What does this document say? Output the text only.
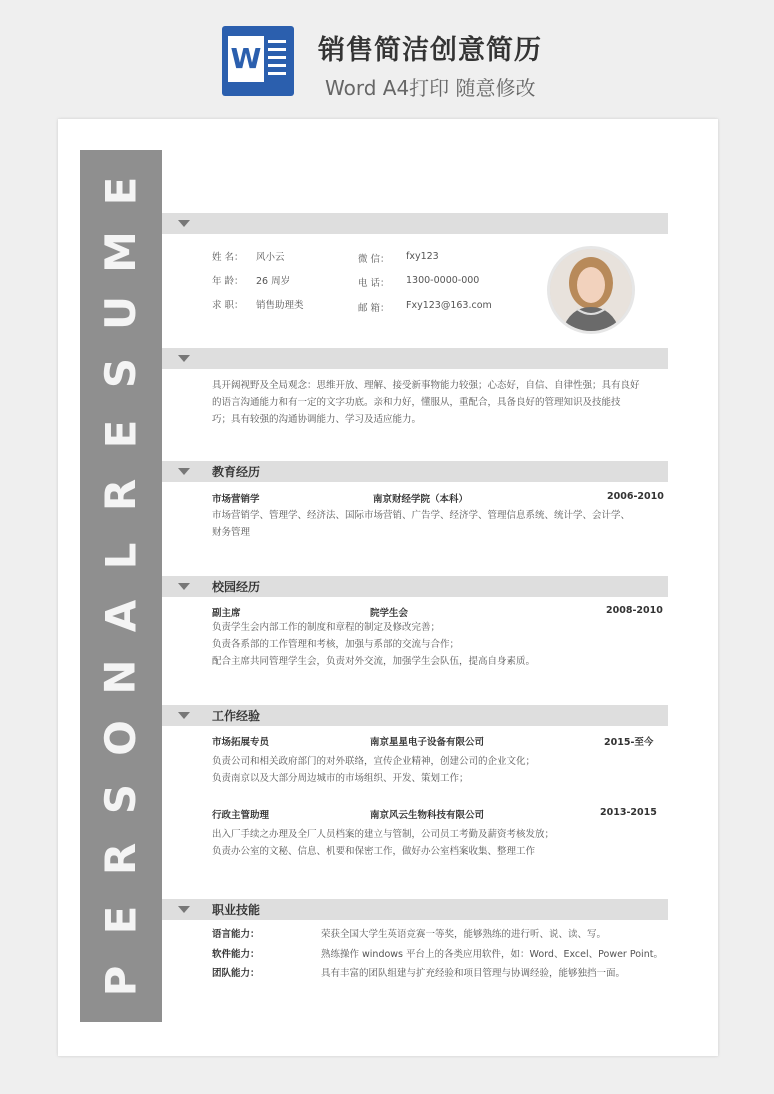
W 销售简洁创意简历
Word A4打印 随意修改
P
E
R
S
O
N
A
L
R
E
S
U
M
E
姓 名： 风小云
年 龄： 26 周岁
求 职： 销售助理类
微 信： fxy123
电 话： 1300-0000-000
邮 箱： Fxy123@163.com
具开阔视野及全局观念：思维开放、理解、接受新事物能力较强；心态好，自信、自律性强；具有良好
的语言沟通能力和有一定的文字功底。亲和力好，懂服从，重配合，具备良好的管理知识及技能技
巧；具有较强的沟通协调能力、学习及适应能力。
教育经历
市场营销学	南京财经学院（本科）	2006-2010
市场营销学、管理学、经济法、国际市场营销、广告学、经济学、管理信息系统、统计学、会计学、
财务管理
校园经历
副主席	院学生会	2008-2010
负责学生会内部工作的制度和章程的制定及修改完善；
负责各系部的工作管理和考核，加强与系部的交流与合作；
配合主席共同管理学生会，负责对外交流，加强学生会队伍，提高自身素质。
工作经验
市场拓展专员	南京星星电子设备有限公司	2015-至今
负责公司和相关政府部门的对外联络，宣传企业精神，创建公司的企业文化；
负责南京以及大部分周边城市的市场组织、开发、策划工作；
行政主管助理	南京风云生物科技有限公司	2013-2015
出入厂手续之办理及全厂人员档案的建立与管制，公司员工考勤及薪资考核发放；
负责办公室的文秘、信息、机要和保密工作，做好办公室档案收集、整理工作
职业技能
语言能力：	荣获全国大学生英语竞赛一等奖，能够熟练的进行听、说、读、写。
软件能力：	熟练操作 windows 平台上的各类应用软件，如：Word、Excel、Power Point。
团队能力：	具有丰富的团队组建与扩充经验和项目管理与协调经验，能够独挡一面。
